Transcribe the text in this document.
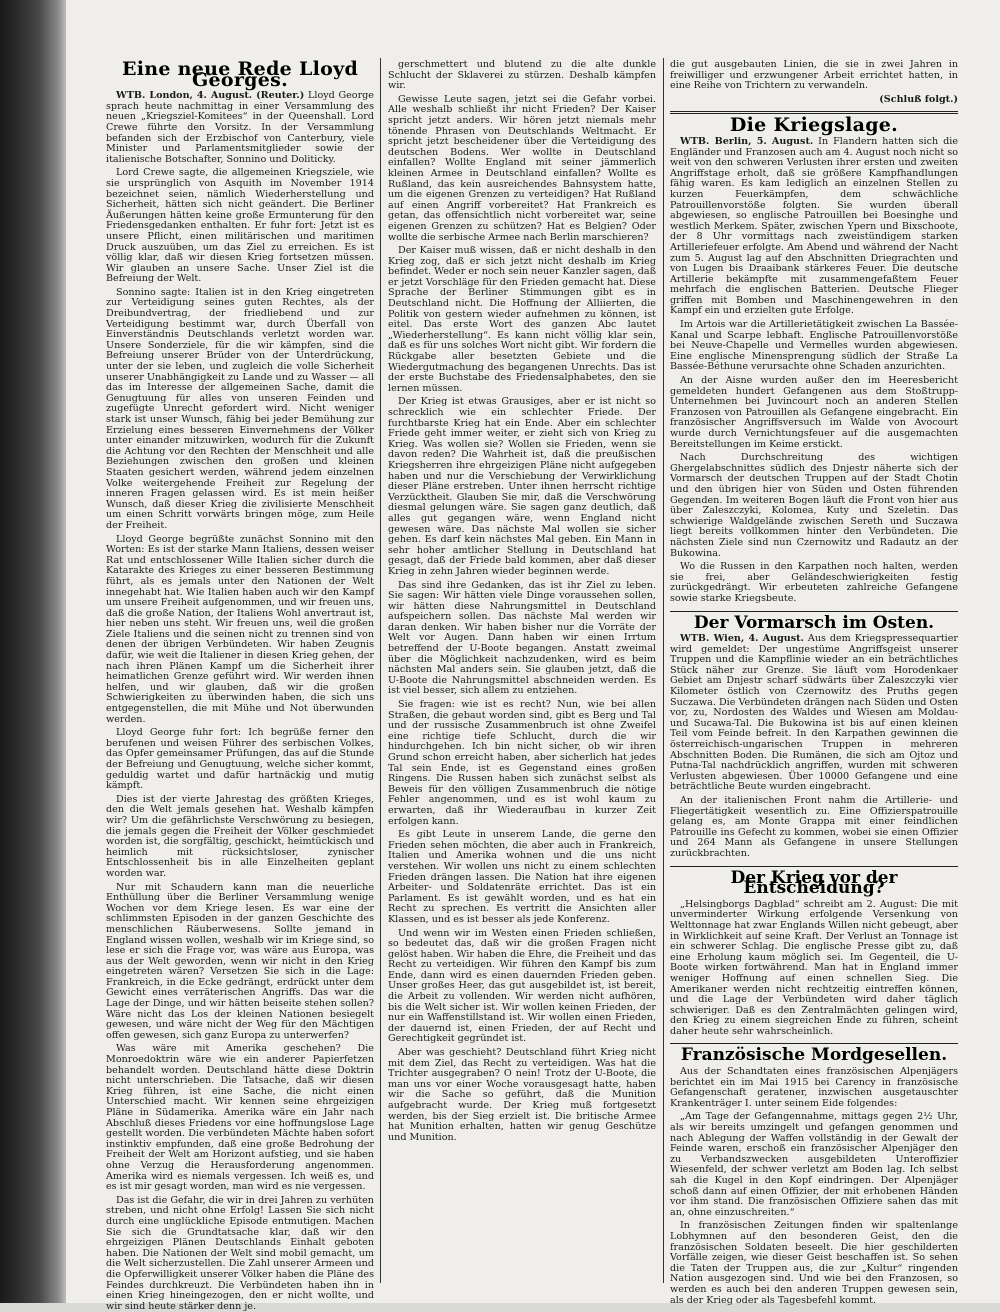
Eine neue Rede Lloyd Georges.

WTB. London, 4. August. (Reuter.) Lloyd George sprach heute nachmittag in einer Versammlung des neuen „Kriegsziel-Komitees“ in der Queenshall. Lord Crewe führte den Vorsitz. In der Versammlung befanden sich der Erzbischof von Canterbury, viele Minister und Parlamentsmitglieder sowie der italienische Botschafter, Sonnino und Doliticky.

Lord Crewe sagte, die allgemeinen Kriegsziele, wie sie ursprünglich von Asquith im November 1914 bezeichnet seien, nämlich Wiederherstellung und Sicherheit, hätten sich nicht geändert. Die Berliner Äußerungen hätten keine große Ermunterung für den Friedensgedanken enthalten. Er fuhr fort: Jetzt ist es unsere Pflicht, einen militärischen und maritimen Druck auszuüben, um das Ziel zu erreichen. Es ist völlig klar, daß wir diesen Krieg fortsetzen müssen. Wir glauben an unsere Sache. Unser Ziel ist die Befreiung der Welt.

Sonnino sagte: Italien ist in den Krieg eingetreten zur Verteidigung seines guten Rechtes, als der Dreibundvertrag, der friedliebend und zur Verteidigung bestimmt war, durch Überfall von Einverständnis Deutschlands verletzt worden war. Unsere Sonderziele, für die wir kämpfen, sind die Befreiung unserer Brüder von der Unterdrückung, unter der sie leben, und zugleich die volle Sicherheit unserer Unabhängigkeit zu Lande und zu Wasser — all das im Interesse der allgemeinen Sache, damit die Genugtuung für alles von unseren Feinden und zugefügte Unrecht gefordert wird. Nicht weniger stark ist unser Wunsch, fähig bei jeder Bemühung zur Erzielung eines besseren Einvernehmens der Völker unter einander mitzuwirken, wodurch für die Zukunft die Achtung vor den Rechten der Menschheit und alle Beziehungen zwischen den großen und kleinen Staaten gesichert werden, während jedem einzelnen Volke weitergehende Freiheit zur Regelung der inneren Fragen gelassen wird. Es ist mein heißer Wunsch, daß dieser Krieg die zivilisierte Menschheit um einen Schritt vorwärts bringen möge, zum Heile der Freiheit.

Lloyd George begrüßte zunächst Sonnino mit den Worten: Es ist der starke Mann Italiens, dessen weiser Rat und entschlossener Wille Italien sicher durch die Katarakte des Krieges zu einer besseren Bestimmung führt, als es jemals unter den Nationen der Welt innegehabt hat. Wie Italien haben auch wir den Kampf um unsere Freiheit aufgenommen, und wir freuen uns, daß die große Nation, der Italiens Wohl anvertraut ist, hier neben uns steht. Wir freuen uns, weil die großen Ziele Italiens und die seinen nicht zu trennen sind von denen der übrigen Verbündeten. Wir haben Zeugnis dafür, wie weit die Italiener in diesen Krieg gehen, der nach ihren Plänen Kampf um die Sicherheit ihrer heimatlichen Grenze geführt wird. Wir werden ihnen helfen, und wir glauben, daß wir die großen Schwierigkeiten zu überwinden haben, die sich uns entgegenstellen, die mit Mühe und Not überwunden werden.

Lloyd George fuhr fort: Ich begrüße ferner den berufenen und weisen Führer des serbischen Volkes, das Opfer gemeinsamer Prüfungen, das auf die Stunde der Befreiung und Genugtuung, welche sicher kommt, geduldig wartet und dafür hartnäckig und mutig kämpft.

Dies ist der vierte Jahrestag des größten Krieges, den die Welt jemals gesehen hat. Weshalb kämpfen wir? Um die gefährlichste Verschwörung zu besiegen, die jemals gegen die Freiheit der Völker geschmiedet worden ist, die sorgfältig, geschickt, heimtückisch und heimlich mit rücksichtsloser, zynischer Entschlossenheit bis in alle Einzelheiten geplant worden war.

Nur mit Schaudern kann man die neuerliche Enthüllung über die Berliner Versammlung wenige Wochen vor dem Kriege lesen. Es war eine der schlimmsten Episoden in der ganzen Geschichte des menschlichen Räuberwesens. Sollte jemand in England wissen wollen, weshalb wir im Kriege sind, so lese er sich die Frage vor, was wäre aus Europa, was aus der Welt geworden, wenn wir nicht in den Krieg eingetreten wären? Versetzen Sie sich in die Lage: Frankreich, in die Ecke gedrängt, erdrückt unter dem Gewicht eines verräterischen Angriffs. Das war die Lage der Dinge, und wir hätten beiseite stehen sollen? Wäre nicht das Los der kleinen Nationen besiegelt gewesen, und wäre nicht der Weg für den Mächtigen offen gewesen, sich ganz Europa zu unterwerfen?

Was wäre mit Amerika geschehen? Die Monroedoktrin wäre wie ein anderer Papierfetzen behandelt worden. Deutschland hätte diese Doktrin nicht unterschrieben. Die Tatsache, daß wir diesen Krieg führen, ist eine Sache, die nicht einen Unterschied macht. Wir kennen seine ehrgeizigen Pläne in Südamerika. Amerika wäre ein Jahr nach Abschluß dieses Friedens vor eine hoffnungslose Lage gestellt worden. Die verbündeten Mächte haben sofort instinktiv empfunden, daß eine große Bedrohung der Freiheit der Welt am Horizont aufstieg, und sie haben ohne Verzug die Herausforderung angenommen. Amerika wird es niemals vergessen. Ich weiß es, und es ist mir gesagt worden, man wird es nie vergessen.

Das ist die Gefahr, die wir in drei Jahren zu verhüten streben, und nicht ohne Erfolg! Lassen Sie sich nicht durch eine unglückliche Episode entmutigen. Machen Sie sich die Grundtatsache klar, daß wir den ehrgeizigen Plänen Deutschlands Einhalt geboten haben. Die Nationen der Welt sind mobil gemacht, um die Welt sicherzustellen. Die Zahl unserer Armeen und die Opferwilligkeit unserer Völker haben die Pläne des Feindes durchkreuzt. Die Verbündeten haben ihn in einen Krieg hineingezogen, den er nicht wollte, und wir sind heute stärker denn je.

gerschmettert und blutend zu die alte dunkle Schlucht der Sklaverei zu stürzen. Deshalb kämpfen wir.

Gewisse Leute sagen, jetzt sei die Gefahr vorbei. Alle weshalb schließt ihr nicht Frieden? Der Kaiser spricht jetzt anders. Wir hören jetzt niemals mehr tönende Phrasen von Deutschlands Weltmacht. Er spricht jetzt bescheidener über die Verteidigung des deutschen Bodens. Wer wollte in Deutschland einfallen? Wollte England mit seiner jämmerlich kleinen Armee in Deutschland einfallen? Wollte es Rußland, das kein ausreichendes Bahnsystem hatte, um die eigenen Grenzen zu verteidigen? Hat Rußland auf einen Angriff vorbereitet? Hat Frankreich es getan, das offensichtlich nicht vorbereitet war, seine eigenen Grenzen zu schützen? Hat es Belgien? Oder wollte die serbische Armee nach Berlin marschieren?

Der Kaiser muß wissen, daß er nicht deshalb in den Krieg zog, daß er sich jetzt nicht deshalb im Krieg befindet. Weder er noch sein neuer Kanzler sagen, daß er jetzt Vorschläge für den Frieden gemacht hat. Diese Sprache der Berliner Stimmungen gibt es in Deutschland nicht. Die Hoffnung der Alliierten, die Politik von gestern wieder aufnehmen zu können, ist eitel. Das erste Wort des ganzen Abc lautet „Wiederherstellung“. Es kann nicht völlig klar sein, daß es für uns solches Wort nicht gibt. Wir fordern die Rückgabe aller besetzten Gebiete und die Wiedergutmachung des begangenen Unrechts. Das ist der erste Buchstabe des Friedensalphabetes, den sie lernen müssen.

Der Krieg ist etwas Grausiges, aber er ist nicht so schrecklich wie ein schlechter Friede. Der furchtbarste Krieg hat ein Ende. Aber ein schlechter Friede geht immer weiter, er zieht sich von Krieg zu Krieg. Was wollen sie? Wollen sie Frieden, wenn sie davon reden? Die Wahrheit ist, daß die preußischen Kriegsherren ihre ehrgeizigen Pläne nicht aufgegeben haben und nur die Verschiebung der Verwirklichung dieser Pläne erstreben. Unter ihnen herrscht richtige Verzücktheit. Glauben Sie mir, daß die Verschwörung diesmal gelungen wäre. Sie sagen ganz deutlich, daß alles gut gegangen wäre, wenn England nicht gewesen wäre. Das nächste Mal wollen sie sicher gehen. Es darf kein nächstes Mal geben. Ein Mann in sehr hoher amtlicher Stellung in Deutschland hat gesagt, daß der Friede bald kommen, aber daß dieser Krieg in zehn Jahren wieder beginnen werde.

Das sind ihre Gedanken, das ist ihr Ziel zu leben. Sie sagen: Wir hätten viele Dinge voraussehen sollen, wir hätten diese Nahrungsmittel in Deutschland aufspeichern sollen. Das nächste Mal werden wir daran denken. Wir haben bisher nur die Vorräte der Welt vor Augen. Dann haben wir einen Irrtum betreffend der U-Boote begangen. Anstatt zweimal über die Möglichkeit nachzudenken, wird es beim nächsten Mal anders sein. Sie glauben jetzt, daß die U-Boote die Nahrungsmittel abschneiden werden. Es ist viel besser, sich allem zu entziehen.

Sie fragen: wie ist es recht? Nun, wie bei allen Straßen, die gebaut worden sind, gibt es Berg und Tal und der russische Zusammenbruch ist ohne Zweifel eine richtige tiefe Schlucht, durch die wir hindurchgehen. Ich bin nicht sicher, ob wir ihren Grund schon erreicht haben, aber sicherlich hat jedes Tal sein Ende, ist es Gegenstand eines großen Ringens. Die Russen haben sich zunächst selbst als Beweis für den völligen Zusammenbruch die nötige Fehler angenommen, und es ist wohl kaum zu erwarten, daß ihr Wiederaufbau in kurzer Zeit erfolgen kann.

Es gibt Leute in unserem Lande, die gerne den Frieden sehen möchten, die aber auch in Frankreich, Italien und Amerika wohnen und die uns nicht verstehen. Wir wollen uns nicht zu einem schlechten Frieden drängen lassen. Die Nation hat ihre eigenen Arbeiter- und Soldatenräte errichtet. Das ist ein Parlament. Es ist gewählt worden, und es hat ein Recht zu sprechen. Es vertritt die Ansichten aller Klassen, und es ist besser als jede Konferenz.

Und wenn wir im Westen einen Frieden schließen, so bedeutet das, daß wir die großen Fragen nicht gelöst haben. Wir haben die Ehre, die Freiheit und das Recht zu verteidigen. Wir führen den Kampf bis zum Ende, dann wird es einen dauernden Frieden geben. Unser großes Heer, das gut ausgebildet ist, ist bereit, die Arbeit zu vollenden. Wir werden nicht aufhören, bis die Welt sicher ist. Wir wollen keinen Frieden, der nur ein Waffenstillstand ist. Wir wollen einen Frieden, der dauernd ist, einen Frieden, der auf Recht und Gerechtigkeit gegründet ist.

Aber was geschieht? Deutschland führt Krieg nicht mit dem Ziel, das Recht zu verteidigen. Was hat die Trichter ausgegraben? O nein! Trotz der U-Boote, die man uns vor einer Woche vorausgesagt hatte, haben wir die Sache so geführt, daß die Munition aufgebracht wurde. Der Krieg muß fortgesetzt werden, bis der Sieg erzielt ist. Die britische Armee hat Munition erhalten, hatten wir genug Geschütze und Munition.

die gut ausgebauten Linien, die sie in zwei Jahren in freiwilliger und erzwungener Arbeit errichtet hatten, in eine Reihe von Trichtern zu verwandeln.

(Schluß folgt.)
Die Kriegslage.

WTB. Berlin, 5. August. In Flandern hatten sich die Engländer und Franzosen auch am 4. August noch nicht so weit von den schweren Verlusten ihrer ersten und zweiten Angriffstage erholt, daß sie größere Kampfhandlungen fähig waren. Es kam lediglich an einzelnen Stellen zu kurzen Feuerkämpfen, dem schwächliche Patrouillenvorstöße folgten. Sie wurden überall abgewiesen, so englische Patrouillen bei Boesinghe und westlich Merkem. Später, zwischen Ypern und Bixschoote, der 8 Uhr vormittags nach zweistündigem starken Artilleriefeuer erfolgte. Am Abend und während der Nacht zum 5. August lag auf den Abschnitten Driegrachten und von Lugen bis Draaibank stärkeres Feuer. Die deutsche Artillerie bekämpfte mit zusammengefaßtem Feuer mehrfach die englischen Batterien. Deutsche Flieger griffen mit Bomben und Maschinengewehren in den Kampf ein und erzielten gute Erfolge.

Im Artois war die Artillerietätigkeit zwischen La Bassée-Kanal und Scarpe lebhaft. Englische Patrouillenvorstöße bei Neuve-Chapelle und Vermelles wurden abgewiesen. Eine englische Minensprengung südlich der Straße La Bassée-Béthune verursachte ohne Schaden anzurichten.

An der Aisne wurden außer den im Heeresbericht gemeldeten hundert Gefangenen aus dem Stoßtrupp-Unternehmen bei Juvincourt noch an anderen Stellen Franzosen von Patrouillen als Gefangene eingebracht. Ein französischer Angriffsversuch im Walde von Avocourt wurde durch Vernichtungsfeuer auf die ausgemachten Bereitstellungen im Keime erstickt.

Nach Durchschreitung des wichtigen Ghergelabschnittes südlich des Dnjestr näherte sich der Vormarsch der deutschen Truppen auf der Stadt Chotin und den übrigen hier von Süden und Osten führenden Gegenden. Im weiteren Bogen läuft die Front von hier aus über Zaleszczyki, Kolomea, Kuty und Szeletin. Das schwierige Waldgelände zwischen Sereth und Suczawa liegt bereits vollkommen hinter den Verbündeten. Die nächsten Ziele sind nun Czernowitz und Radautz an der Bukowina.

Wo die Russen in den Karpathen noch halten, werden sie frei, aber Geländeschwierigkeiten festig zurückgedrängt. Wir erbeuteten zahlreiche Gefangene sowie starke Kriegsbeute.

Der Vormarsch im Osten.

WTB. Wien, 4. August. Aus dem Kriegspressequartier wird gemeldet: Der ungestüme Angriffsgeist unserer Truppen und die Kampflinie wieder an ein beträchtliches Stück näher zur Grenze. Sie läuft vom Horodenkaer Gebiet am Dnjestr scharf südwärts über Zaleszczyki vier Kilometer östlich von Czernowitz des Pruths gegen Suczawa. Die Verbündeten drängen nach Süden und Osten vor, zu, Nordosten des Waldes und Wiesen am Moldau- und Sucawa-Tal. Die Bukowina ist bis auf einen kleinen Teil vom Feinde befreit. In den Karpathen gewinnen die österreichisch-ungarischen Truppen in mehreren Abschnitten Boden. Die Rumänen, die sich am Ojtoz und Putna-Tal nachdrücklich angriffen, wurden mit schweren Verlusten abgewiesen. Über 10000 Gefangene und eine beträchtliche Beute wurden eingebracht.

An der italienischen Front nahm die Artillerie- und Fliegertätigkeit wesentlich zu. Eine Offizierspatrouille gelang es, am Monte Grappa mit einer feindlichen Patrouille ins Gefecht zu kommen, wobei sie einen Offizier und 264 Mann als Gefangene in unsere Stellungen zurückbrachten.

Der Krieg vor der Entscheidung?

„Helsingborgs Dagblad“ schreibt am 2. August: Die mit unverminderter Wirkung erfolgende Versenkung von Welttonnage hat zwar Englands Willen nicht gebeugt, aber in Wirklichkeit auf seine Kraft. Der Verlust an Tonnage ist ein schwerer Schlag. Die englische Presse gibt zu, daß eine Erholung kaum möglich sei. Im Gegenteil, die U-Boote wirken fortwährend. Man hat in England immer weniger Hoffnung auf einen schnellen Sieg. Die Amerikaner werden nicht rechtzeitig eintreffen können, und die Lage der Verbündeten wird daher täglich schwieriger. Daß es den Zentralmächten gelingen wird, den Krieg zu einem siegreichen Ende zu führen, scheint daher heute sehr wahrscheinlich.

Französische Mordgesellen.

Aus der Schandtaten eines französischen Alpenjägers berichtet ein im Mai 1915 bei Carency in französische Gefangenschaft geratener, inzwischen ausgetauschter Krankenträger I. unter seinem Eide folgendes:

„Am Tage der Gefangennahme, mittags gegen 2½ Uhr, als wir bereits umzingelt und gefangen genommen und nach Ablegung der Waffen vollständig in der Gewalt der Feinde waren, erschoß ein französischer Alpenjäger den zu Verbandszwecken ausgebildeten Unteroffizier Wiesenfeld, der schwer verletzt am Boden lag. Ich selbst sah die Kugel in den Kopf eindringen. Der Alpenjäger schoß dann auf einen Offizier, der mit erhobenen Händen vor ihm stand. Die französischen Offiziere sahen das mit an, ohne einzuschreiten.“

In französischen Zeitungen finden wir spaltenlange Lobhymnen auf den besonderen Geist, den die französischen Soldaten beseelt. Die hier geschilderten Vorfälle zeigen, wie dieser Geist beschaffen ist. So sehen die Taten der Truppen aus, die zur „Kultur“ ringenden Nation ausgezogen sind. Und wie bei den Franzosen, so werden es auch bei den anderen Truppen gewesen sein, als der Krieg oder als Tagesbefehl kommt.
